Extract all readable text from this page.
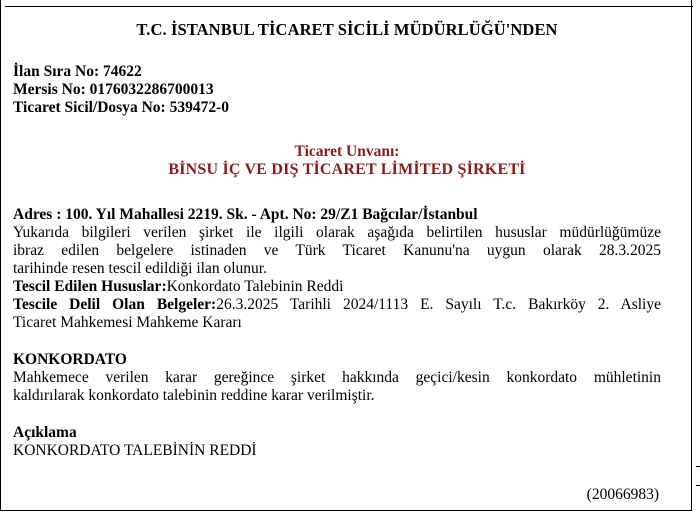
T.C. İSTANBUL TİCARET SİCİLİ MÜDÜRLÜĞÜ'NDEN
İlan Sıra No: 74622
Mersis No: 0176032286700013
Ticaret Sicil/Dosya No: 539472-0
Ticaret Unvanı:
BİNSU İÇ VE DIŞ TİCARET LİMİTED ŞİRKETİ
Adres : 100. Yıl Mahallesi 2219. Sk. - Apt. No: 29/Z1 Bağcılar/İstanbul
Yukarıda bilgileri verilen şirket ile ilgili olarak aşağıda belirtilen hususlar müdürlüğümüze
ibraz edilen belgelere istinaden ve Türk Ticaret Kanunu'na uygun olarak 28.3.2025
tarihinde resen tescil edildiği ilan olunur.
Tescil Edilen Hususlar:Konkordato Talebinin Reddi
Tescile Delil Olan Belgeler:26.3.2025 Tarihli 2024/1113 E. Sayılı T.c. Bakırköy 2. Asliye
Ticaret Mahkemesi Mahkeme Kararı
KONKORDATO
Mahkemece verilen karar gereğince şirket hakkında geçici/kesin konkordato mühletinin
kaldırılarak konkordato talebinin reddine karar verilmiştir.
Açıklama
KONKORDATO TALEBİNİN REDDİ
(20066983)
